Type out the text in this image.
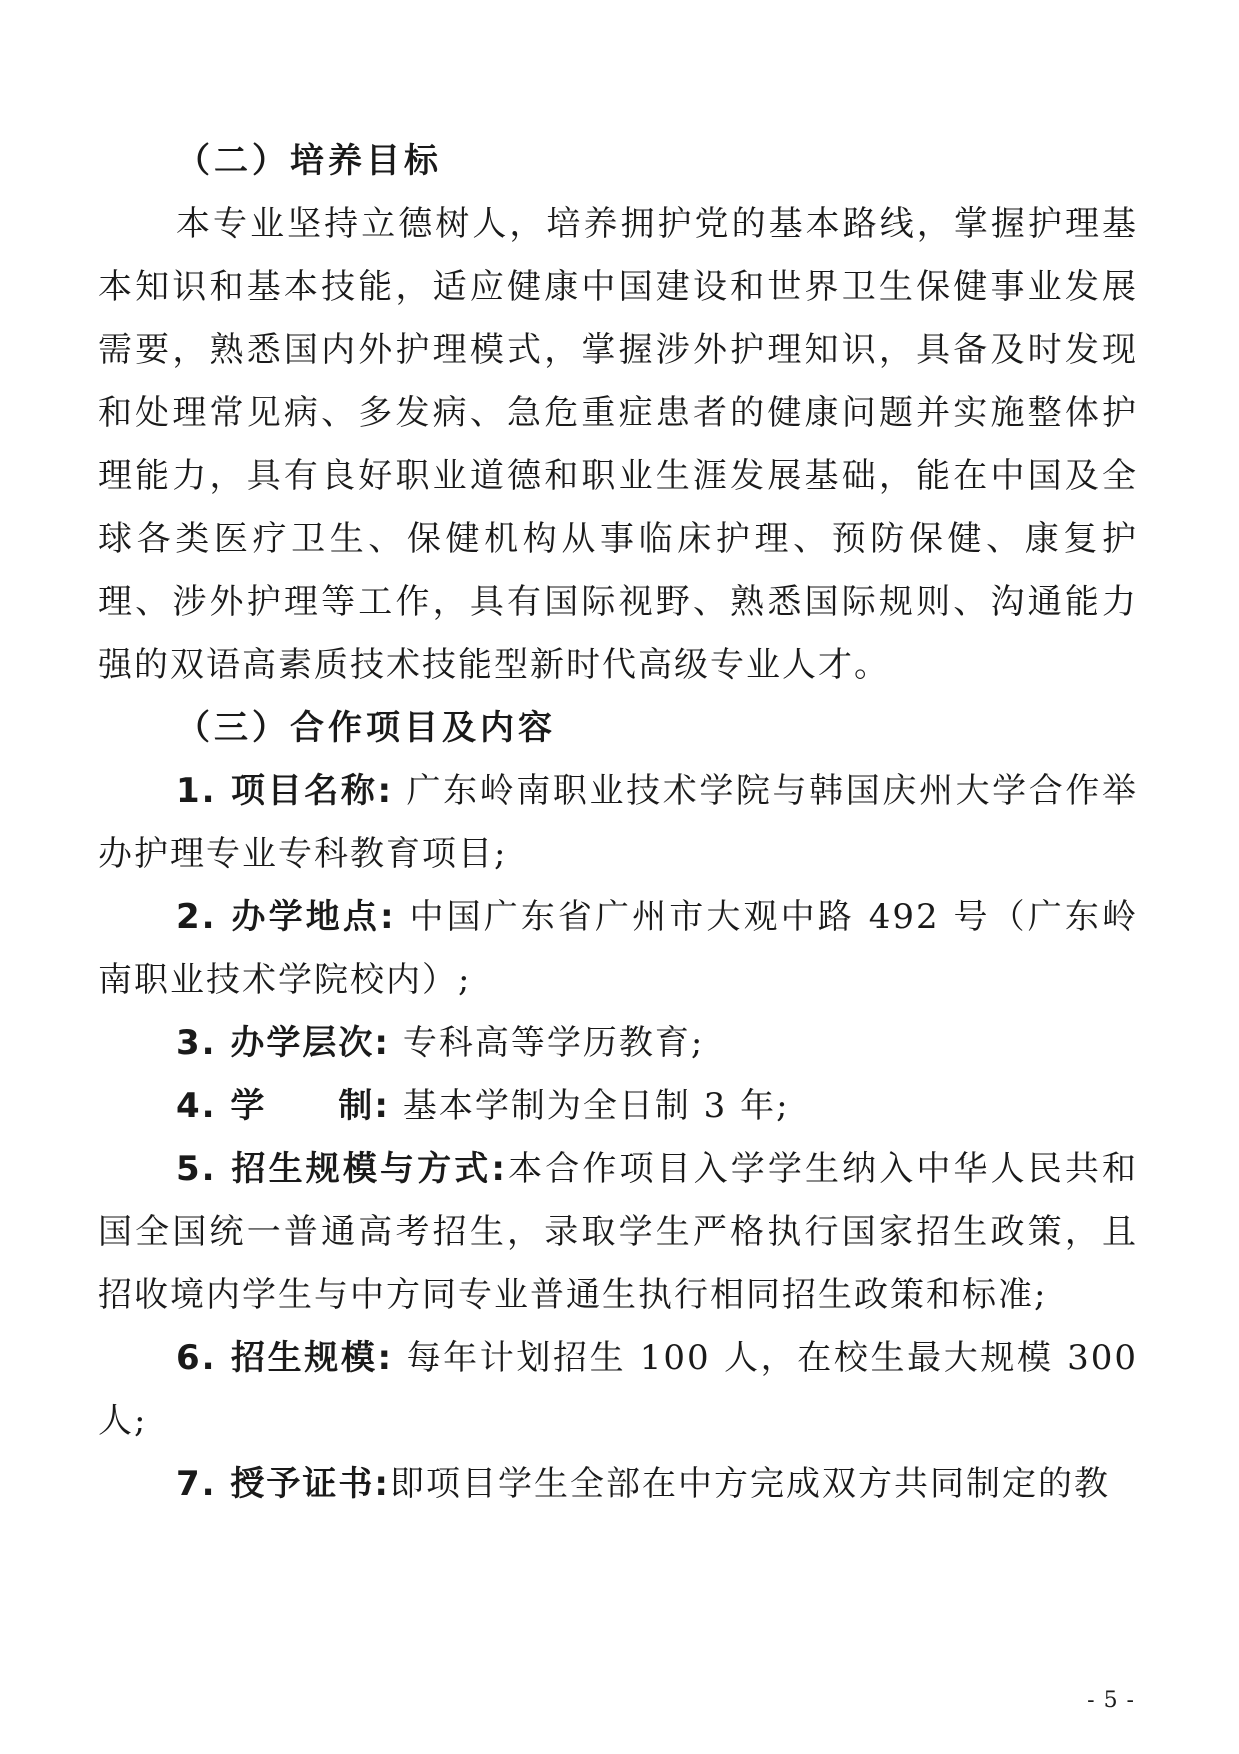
（二）培养目标

本专业坚持立德树人，培养拥护党的基本路线，掌握护理基本知识和基本技能，适应健康中国建设和世界卫生保健事业发展需要，熟悉国内外护理模式，掌握涉外护理知识，具备及时发现和处理常见病、多发病、急危重症患者的健康问题并实施整体护理能力，具有良好职业道德和职业生涯发展基础，能在中国及全球各类医疗卫生、保健机构从事临床护理、预防保健、康复护理、涉外护理等工作，具有国际视野、熟悉国际规则、沟通能力强的双语高素质技术技能型新时代高级专业人才。

（三）合作项目及内容

1. 项目名称: 广东岭南职业技术学院与韩国庆州大学合作举办护理专业专科教育项目;

2. 办学地点: 中国广东省广州市大观中路 492 号（广东岭南职业技术学院校内）;

3. 办学层次: 专科高等学历教育;

4. 学　　制: 基本学制为全日制 3 年;

5. 招生规模与方式:本合作项目入学学生纳入中华人民共和国全国统一普通高考招生，录取学生严格执行国家招生政策，且招收境内学生与中方同专业普通生执行相同招生政策和标准;

6. 招生规模: 每年计划招生 100 人，在校生最大规模 300 人;

7. 授予证书:即项目学生全部在中方完成双方共同制定的教

- 5 -
